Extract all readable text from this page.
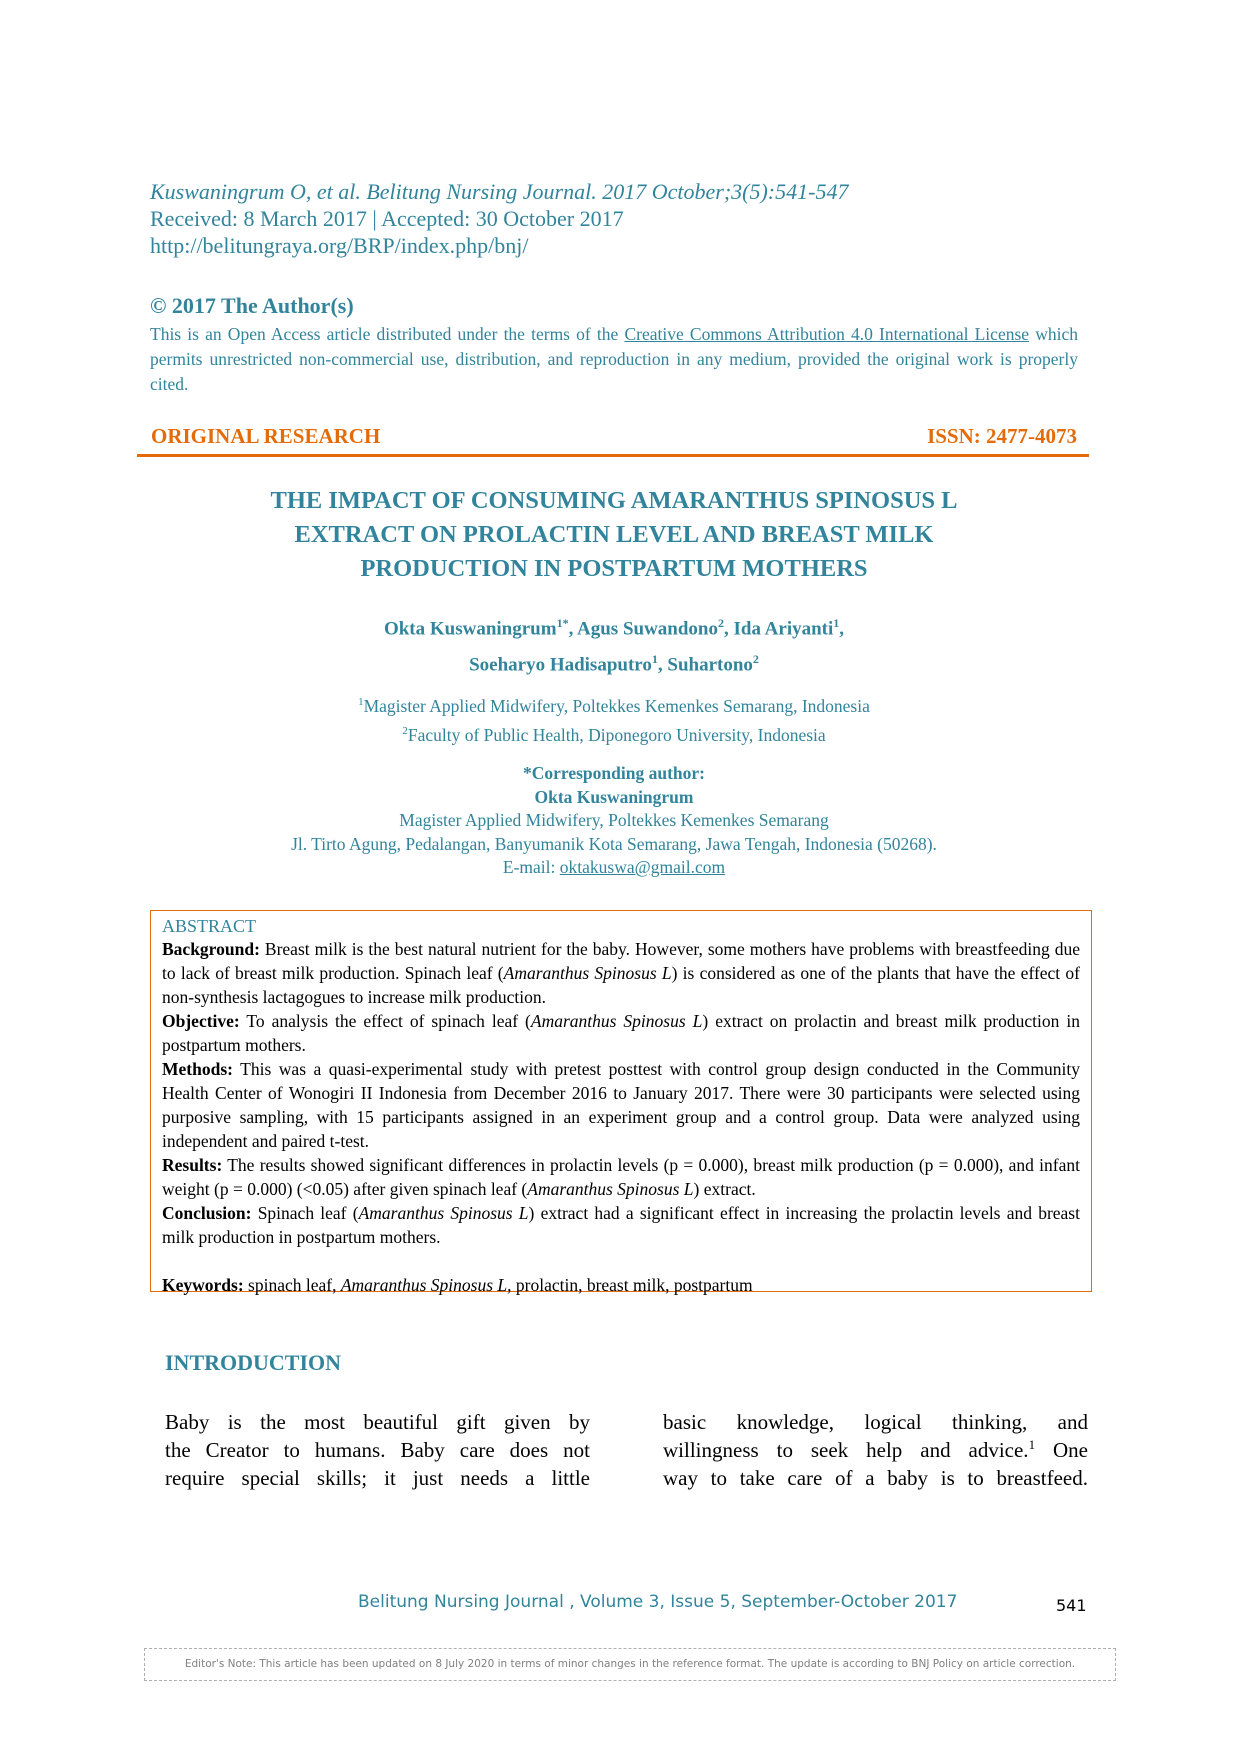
Kuswaningrum O, et al. Belitung Nursing Journal. 2017 October;3(5):541-547
Received: 8 March 2017 | Accepted: 30 October 2017
http://belitungraya.org/BRP/index.php/bnj/
© 2017 The Author(s)
This is an Open Access article distributed under the terms of the Creative Commons Attribution 4.0 International License which permits unrestricted non-commercial use, distribution, and reproduction in any medium, provided the original work is properly cited.
ORIGINAL RESEARCH	ISSN: 2477-4073
THE IMPACT OF CONSUMING AMARANTHUS SPINOSUS L
EXTRACT ON PROLACTIN LEVEL AND BREAST MILK
PRODUCTION IN POSTPARTUM MOTHERS
Okta Kuswaningrum$^{1*}$, Agus Suwandono$^2$, Ida Ariyanti$^1$,
Soeharyo Hadisaputro$^1$, Suhartono$^2$
$^1$Magister Applied Midwifery, Poltekkes Kemenkes Semarang, Indonesia
$^2$Faculty of Public Health, Diponegoro University, Indonesia
*Corresponding author:
Okta Kuswaningrum
Magister Applied Midwifery, Poltekkes Kemenkes Semarang
Jl. Tirto Agung, Pedalangan, Banyumanik Kota Semarang, Jawa Tengah, Indonesia (50268).
E-mail: oktakuswa@gmail.com
ABSTRACT

Background: Breast milk is the best natural nutrient for the baby. However, some mothers have problems with breastfeeding due to lack of breast milk production. Spinach leaf (Amaranthus Spinosus L) is considered as one of the plants that have the effect of non-synthesis lactagogues to increase milk production.

Objective: To analysis the effect of spinach leaf (Amaranthus Spinosus L) extract on prolactin and breast milk production in postpartum mothers.

Methods: This was a quasi-experimental study with pretest posttest with control group design conducted in the Community Health Center of Wonogiri II Indonesia from December 2016 to January 2017. There were 30 participants were selected using purposive sampling, with 15 participants assigned in an experiment group and a control group. Data were analyzed using independent and paired t-test.

Results: The results showed significant differences in prolactin levels (p = 0.000), breast milk production (p = 0.000), and infant weight (p = 0.000) (<0.05) after given spinach leaf (Amaranthus Spinosus L) extract.

Conclusion: Spinach leaf (Amaranthus Spinosus L) extract had a significant effect in increasing the prolactin levels and breast milk production in postpartum mothers.

Keywords: spinach leaf, Amaranthus Spinosus L, prolactin, breast milk, postpartum

INTRODUCTION
Baby is the most beautiful gift given by
the Creator to humans. Baby care does not
require special skills; it just needs a little
basic knowledge, logical thinking, and
willingness to seek help and advice.$^1$ One
way to take care of a baby is to breastfeed.
Belitung Nursing Journal , Volume 3, Issue 5, September-October 2017	541
Editor's Note: This article has been updated on 8 July 2020 in terms of minor changes in the reference format. The update is according to BNJ Policy on article correction.
